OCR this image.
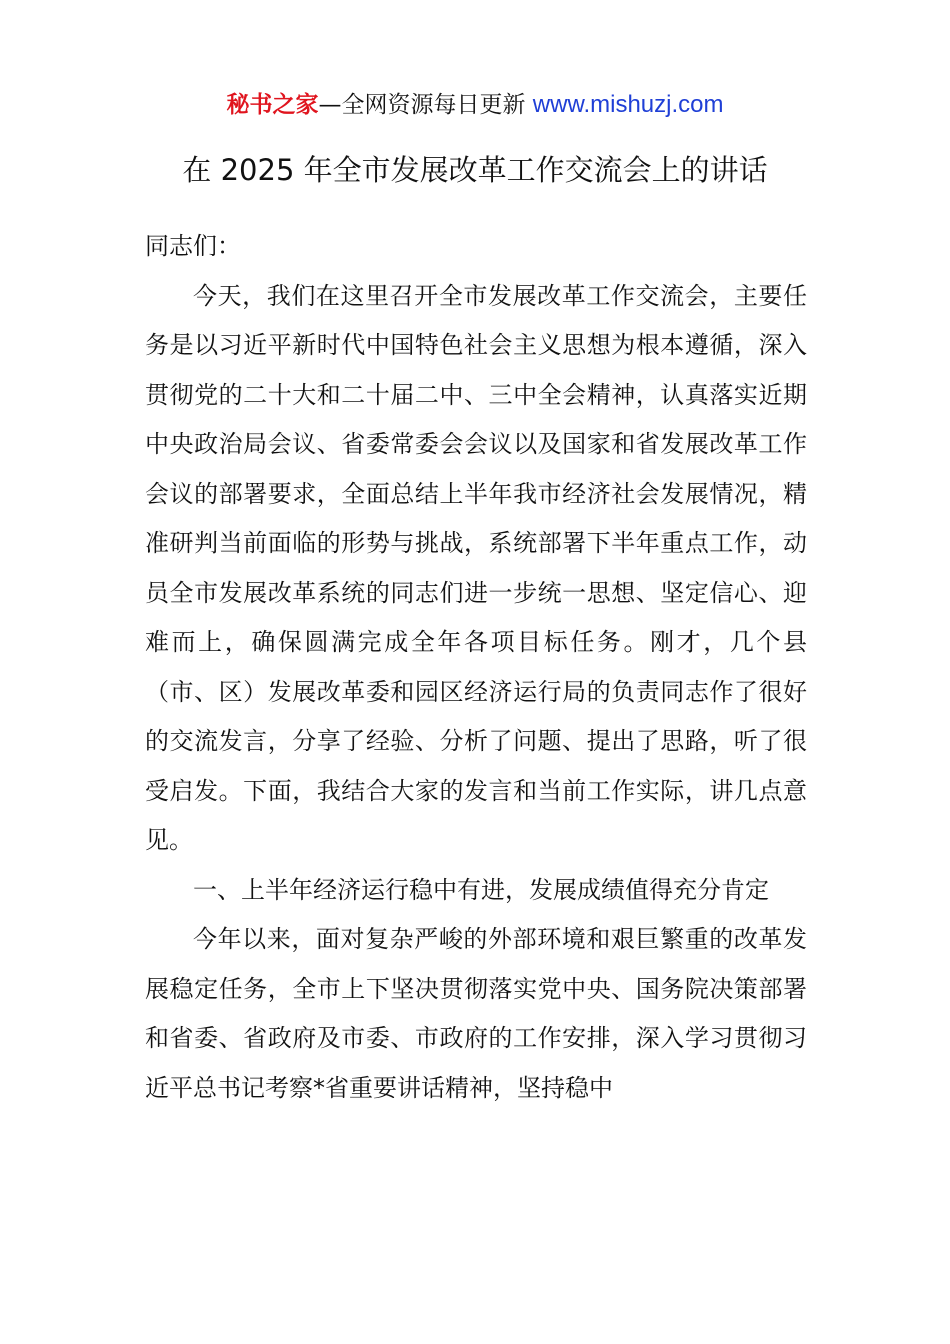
秘书之家—全网资源每日更新 www.mishuzj.com
在 2025 年全市发展改革工作交流会上的讲话

同志们：

今天，我们在这里召开全市发展改革工作交流会，主要任务是以习近平新时代中国特色社会主义思想为根本遵循，深入贯彻党的二十大和二十届二中、三中全会精神，认真落实近期中央政治局会议、省委常委会会议以及国家和省发展改革工作会议的部署要求，全面总结上半年我市经济社会发展情况，精准研判当前面临的形势与挑战，系统部署下半年重点工作，动员全市发展改革系统的同志们进一步统一思想、坚定信心、迎难而上，确保圆满完成全年各项目标任务。刚才，几个县（市、区）发展改革委和园区经济运行局的负责同志作了很好的交流发言，分享了经验、分析了问题、提出了思路，听了很受启发。下面，我结合大家的发言和当前工作实际，讲几点意见。

一、上半年经济运行稳中有进，发展成绩值得充分肯定

今年以来，面对复杂严峻的外部环境和艰巨繁重的改革发展稳定任务，全市上下坚决贯彻落实党中央、国务院决策部署和省委、省政府及市委、市政府的工作安排，深入学习贯彻习近平总书记考察*省重要讲话精神，坚持稳中
